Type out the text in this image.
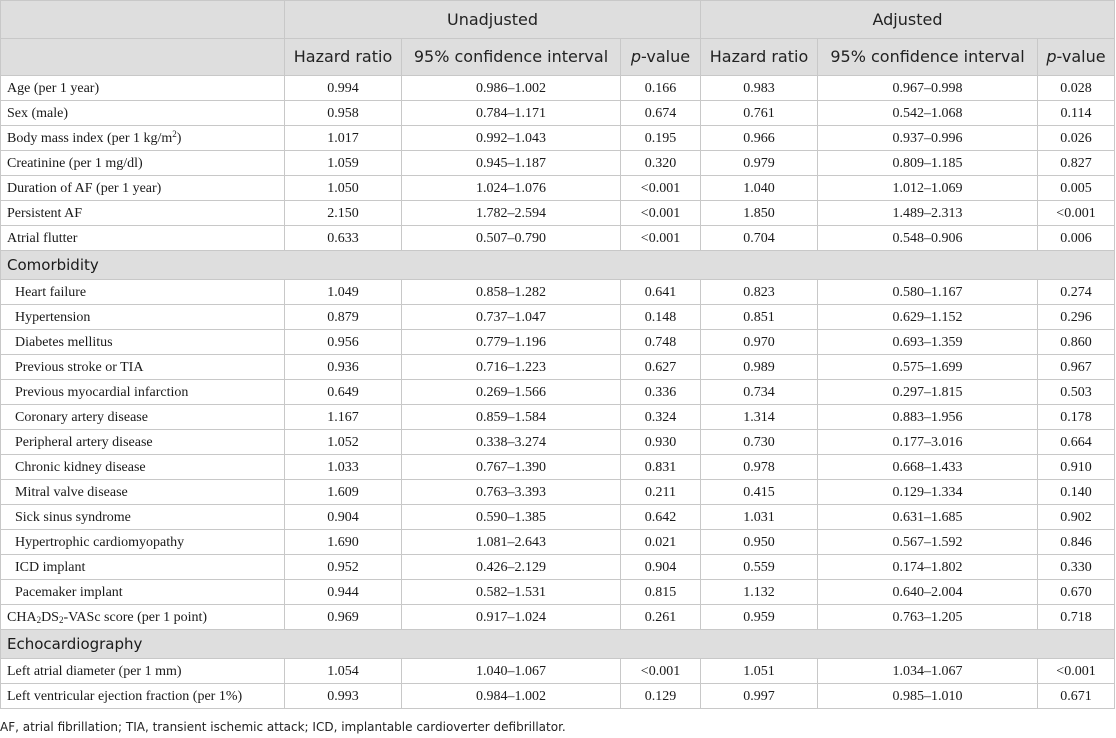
	Unadjusted			Adjusted		
	Hazard ratio	95% confidence interval	p-value	Hazard ratio	95% confidence interval	p-value
Age (per 1 year)	0.994	0.986–1.002	0.166	0.983	0.967–0.998	0.028
Sex (male)	0.958	0.784–1.171	0.674	0.761	0.542–1.068	0.114
Body mass index (per 1 $kg/m^2$)	1.017	0.992–1.043	0.195	0.966	0.937–0.996	0.026
Creatinine (per 1 mg/dl)	1.059	0.945–1.187	0.320	0.979	0.809–1.185	0.827
Duration of AF (per 1 year)	1.050	1.024–1.076	<0.001	1.040	1.012–1.069	0.005
Persistent AF	2.150	1.782–2.594	<0.001	1.850	1.489–2.313	<0.001
Atrial flutter	0.633	0.507–0.790	<0.001	0.704	0.548–0.906	0.006
Comorbidity						
Heart failure	1.049	0.858–1.282	0.641	0.823	0.580–1.167	0.274
Hypertension	0.879	0.737–1.047	0.148	0.851	0.629–1.152	0.296
Diabetes mellitus	0.956	0.779–1.196	0.748	0.970	0.693–1.359	0.860
Previous stroke or TIA	0.936	0.716–1.223	0.627	0.989	0.575–1.699	0.967
Previous myocardial infarction	0.649	0.269–1.566	0.336	0.734	0.297–1.815	0.503
Coronary artery disease	1.167	0.859–1.584	0.324	1.314	0.883–1.956	0.178
Peripheral artery disease	1.052	0.338–3.274	0.930	0.730	0.177–3.016	0.664
Chronic kidney disease	1.033	0.767–1.390	0.831	0.978	0.668–1.433	0.910
Mitral valve disease	1.609	0.763–3.393	0.211	0.415	0.129–1.334	0.140
Sick sinus syndrome	0.904	0.590–1.385	0.642	1.031	0.631–1.685	0.902
Hypertrophic cardiomyopathy	1.690	1.081–2.643	0.021	0.950	0.567–1.592	0.846
ICD implant	0.952	0.426–2.129	0.904	0.559	0.174–1.802	0.330
Pacemaker implant	0.944	0.582–1.531	0.815	1.132	0.640–2.004	0.670
$CHA_2DS_2$-VASc score (per 1 point)	0.969	0.917–1.024	0.261	0.959	0.763–1.205	0.718
Echocardiography						
Left atrial diameter (per 1 mm)	1.054	1.040–1.067	<0.001	1.051	1.034–1.067	<0.001
Left ventricular ejection fraction (per 1%)	0.993	0.984–1.002	0.129	0.997	0.985–1.010	0.671
AF, atrial fibrillation; TIA, transient ischemic attack; ICD, implantable cardioverter defibrillator.
